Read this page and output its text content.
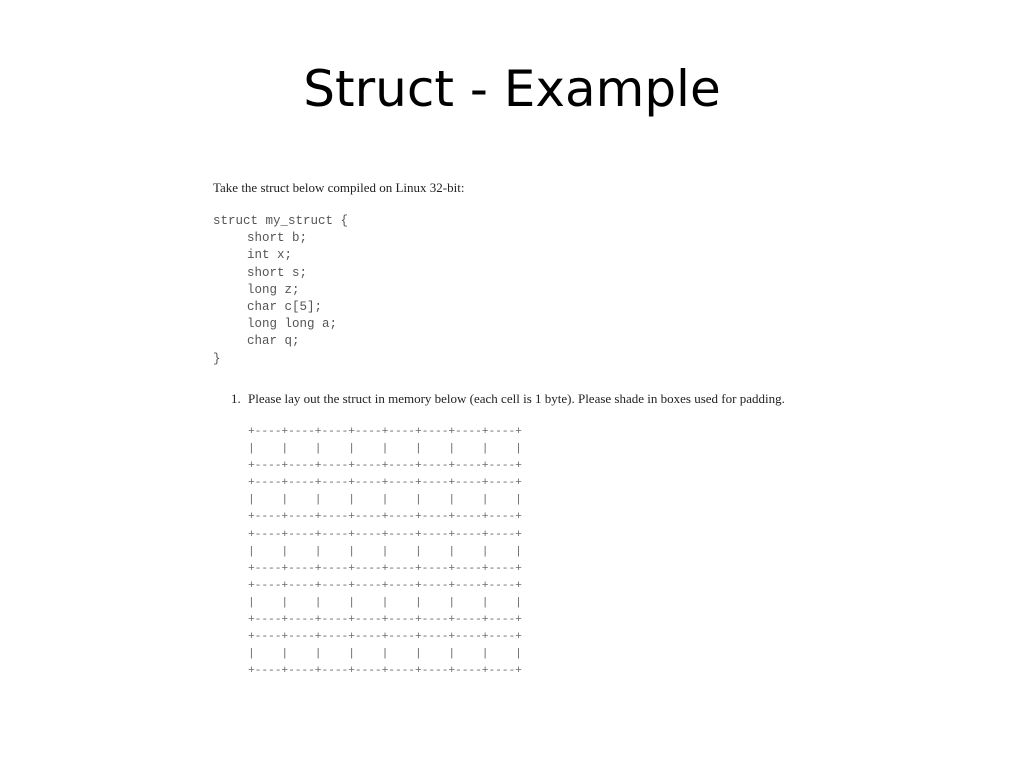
Struct - Example
Take the struct below compiled on Linux 32-bit:
struct my_struct {
short b;
int x;
short s;
long z;
char c[5];
long long a;
char q;
}
1. Please lay out the struct in memory below (each cell is 1 byte). Please shade in boxes used for padding.
+----+----+----+----+----+----+----+----+
|    |    |    |    |    |    |    |    |
+----+----+----+----+----+----+----+----+
+----+----+----+----+----+----+----+----+
|    |    |    |    |    |    |    |    |
+----+----+----+----+----+----+----+----+
+----+----+----+----+----+----+----+----+
|    |    |    |    |    |    |    |    |
+----+----+----+----+----+----+----+----+
+----+----+----+----+----+----+----+----+
|    |    |    |    |    |    |    |    |
+----+----+----+----+----+----+----+----+
+----+----+----+----+----+----+----+----+
|    |    |    |    |    |    |    |    |
+----+----+----+----+----+----+----+----+
